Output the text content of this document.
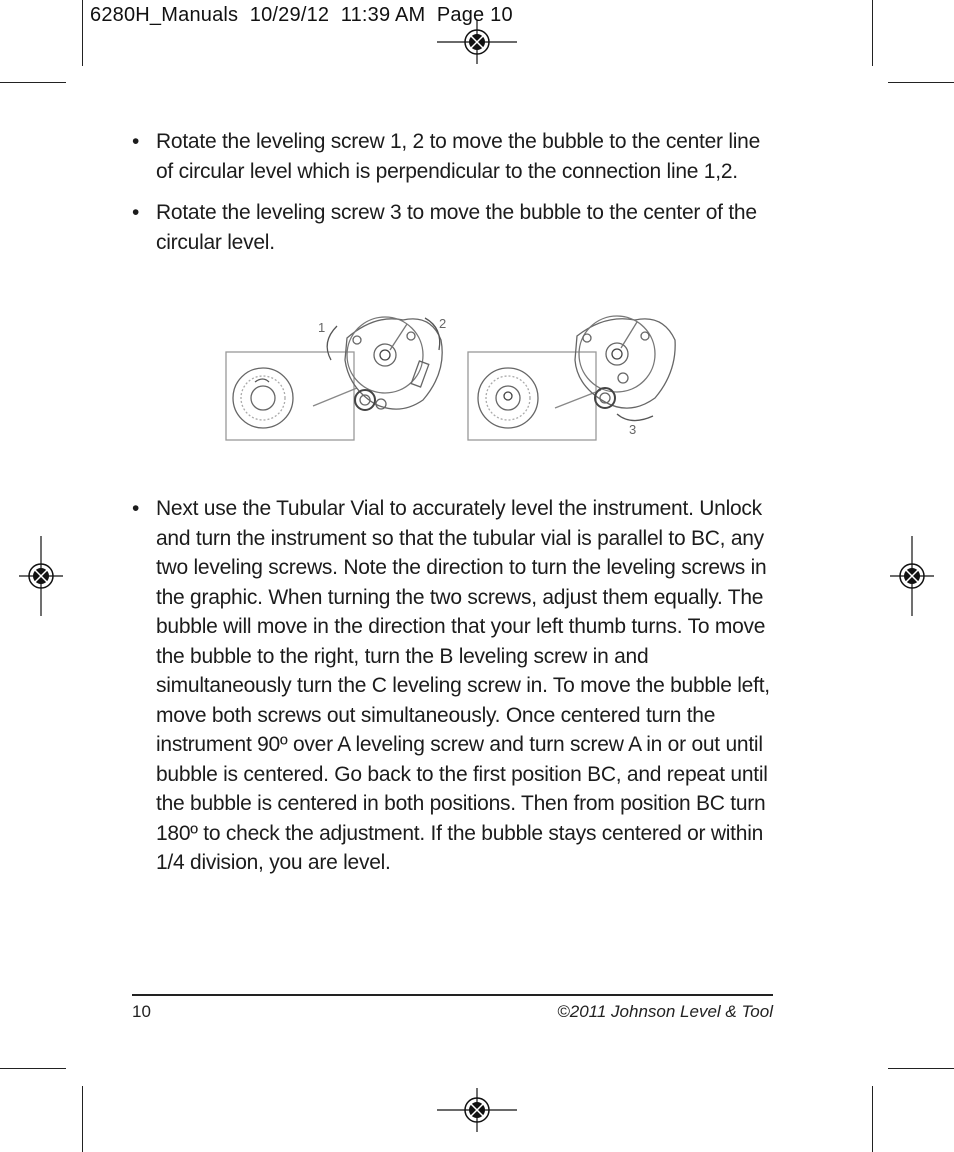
6280H_Manuals  10/29/12  11:39 AM  Page 10
• Rotate the leveling screw 1, 2 to move the bubble to the center line of circular level which is perpendicular to the connection line 1,2.
• Rotate the leveling screw 3 to move the bubble to the center of the circular level.
1	2
3
• Next use the Tubular Vial to accurately level the instrument. Unlock and turn the instrument so that the tubular vial is parallel to BC, any two leveling screws. Note the direction to turn the leveling screws in the graphic. When turning the two screws, adjust them equally. The bubble will move in the direction that your left thumb turns. To move the bubble to the right, turn the B leveling screw in and simultaneously turn the C leveling screw in. To move the bubble left, move both screws out simultaneously. Once centered turn the instrument 90º over A leveling screw and turn screw A in or out until bubble is centered. Go back to the first position BC, and repeat until the bubble is centered in both positions. Then from position BC turn 180º to check the adjustment. If the bubble stays centered or within 1/4 division, you are level.
10	©2011 Johnson Level & Tool
